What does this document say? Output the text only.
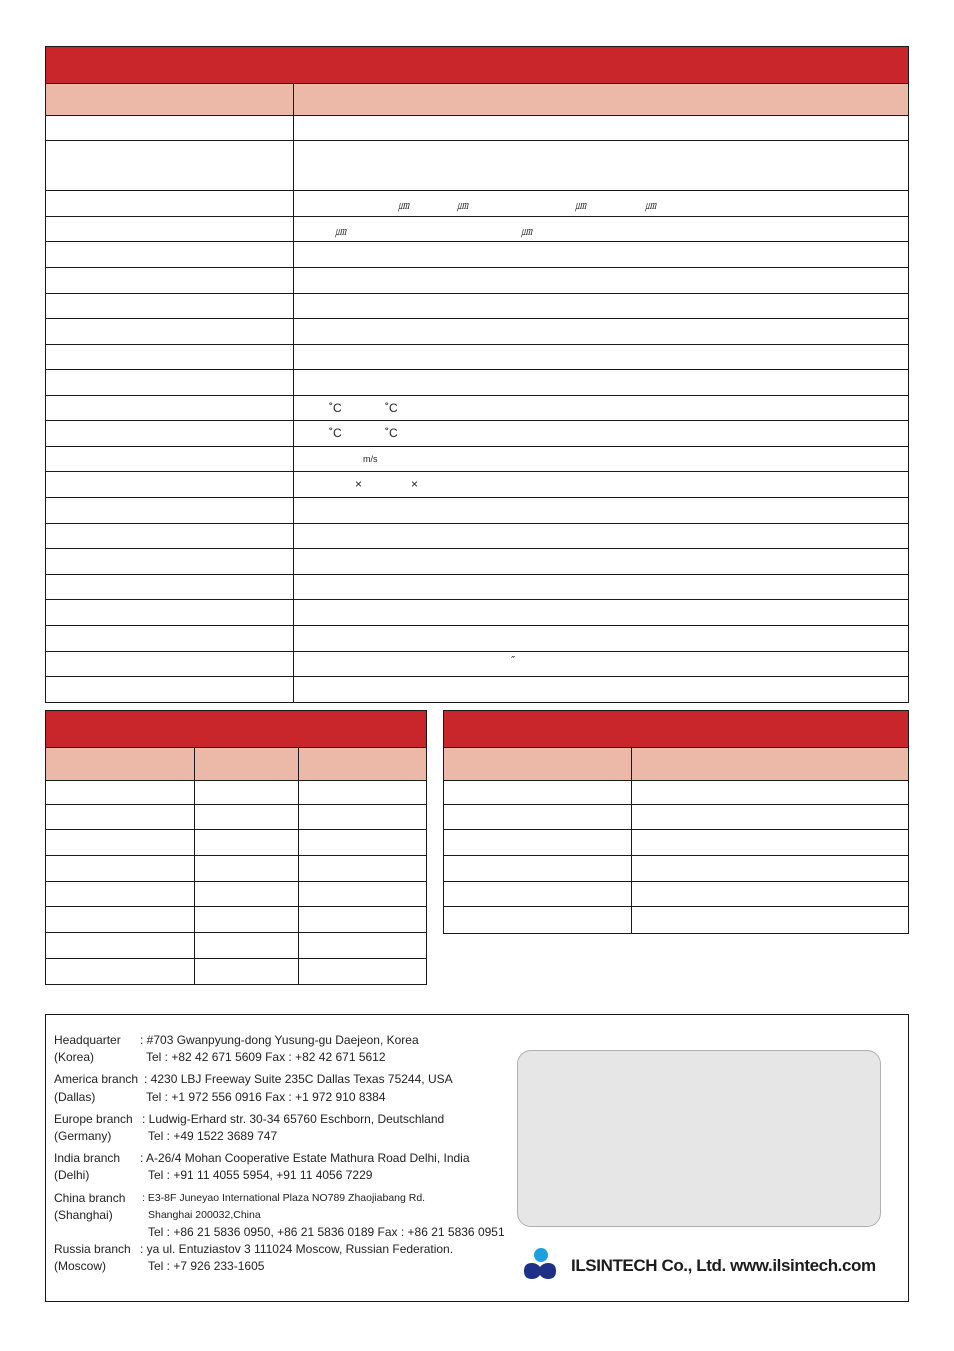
㎛	㎛	㎛	㎛
㎛	㎛
˚C	˚C
˚C	˚C
m/s
×	×
″
Headquarter	: #703 Gwanpyung-dong Yusung-gu Daejeon, Korea
(Korea)	Tel : +82 42 671 5609 Fax : +82 42 671 5612
America branch : 4230 LBJ Freeway Suite 235C Dallas Texas 75244, USA
(Dallas)	Tel : +1 972 556 0916 Fax : +1 972 910 8384
Europe branch : Ludwig-Erhard str. 30-34 65760 Eschborn, Deutschland
(Germany)	Tel : +49 1522 3689 747
India branch	: A-26/4 Mohan Cooperative Estate Mathura Road Delhi, India
(Delhi)	Tel : +91 11 4055 5954, +91 11 4056 7229
China branch	: E3-8F Juneyao International Plaza NO789 Zhaojiabang Rd.
(Shanghai)	Shanghai 200032,China
Tel : +86 21 5836 0950, +86 21 5836 0189 Fax : +86 21 5836 0951
Russia branch : ya ul. Entuziastov 3 111024 Moscow, Russian Federation.
(Moscow)	Tel : +7 926 233-1605	ILSINTECH Co., Ltd. www.ilsintech.com
